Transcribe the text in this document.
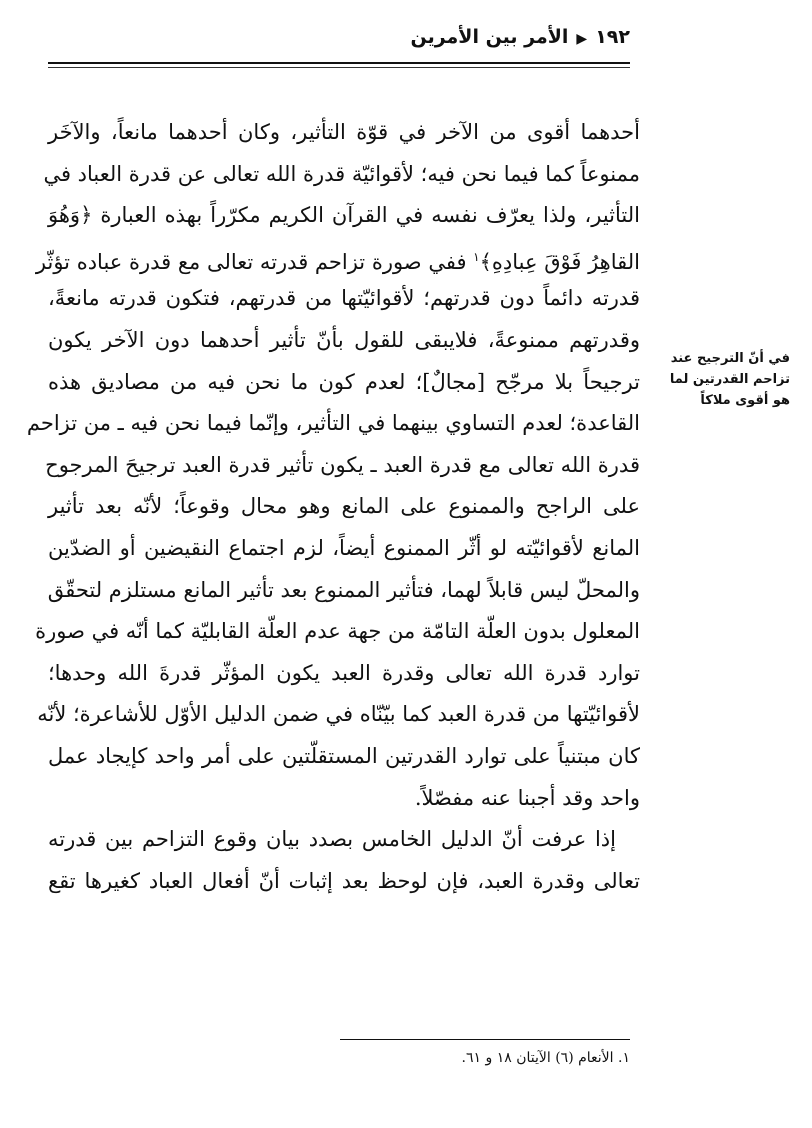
١٩٢▶الأمر بين الأمرين
أحدهما أقوى من الآخر في قوّة التأثير، وكان أحدهما مانعاً، والآخَر
ممنوعاً كما فيما نحن فيه؛ لأقوائيّة قدرة الله تعالى عن قدرة العباد في
التأثير، ولذا يعرّف نفسه في القرآن الكريم مكرّراً بهذه العبارة ﴿وَهُوَ
القاهِرُ فَوْقَ عِبادِهِ﴾$^١$ ففي صورة تزاحم قدرته تعالى مع قدرة عباده تؤثّر
قدرته دائماً دون قدرتهم؛ لأقوائيّتها من قدرتهم، فتكون قدرته مانعةً،
وقدرتهم ممنوعةً، فلايبقى للقول بأنّ تأثير أحدهما دون الآخر يكون
ترجيحاً بلا مرجّح [مجالٌ]؛ لعدم كون ما نحن فيه من مصاديق هذه
القاعدة؛ لعدم التساوي بينهما في التأثير، وإنّما فيما نحن فيه ـ من تزاحم
قدرة الله تعالى مع قدرة العبد ـ يكون تأثير قدرة العبد ترجيحَ المرجوح
على الراجح والممنوع على المانع وهو محال وقوعاً؛ لأنّه بعد تأثير
المانع لأقوائيّته لو أثّر الممنوع أيضاً، لزم اجتماع النقيضين أو الضدّين
والمحلّ ليس قابلاً لهما، فتأثير الممنوع بعد تأثير المانع مستلزم لتحقّق
المعلول بدون العلّة التامّة من جهة عدم العلّة القابليّة كما أنّه في صورة
توارد قدرة الله تعالى وقدرة العبد يكون المؤثّر قدرةَ الله وحدها؛
لأقوائيّتها من قدرة العبد كما بيّنّاه في ضمن الدليل الأوّل للأشاعرة؛ لأنّه
كان مبتنياً على توارد القدرتين المستقلّتين على أمر واحد كإيجاد عمل
واحد وقد أجبنا عنه مفصّلاً.
إذا عرفت أنّ الدليل الخامس بصدد بيان وقوع التزاحم بين قدرته
تعالى وقدرة العبد، فإن لوحظ بعد إثبات أنّ أفعال العباد كغيرها تقع
في أنّ الترجيح عند
تزاحم القدرتين لما
هو أقوى ملاكاً
١. الأنعام (٦) الآيتان ١٨ و ٦١.
